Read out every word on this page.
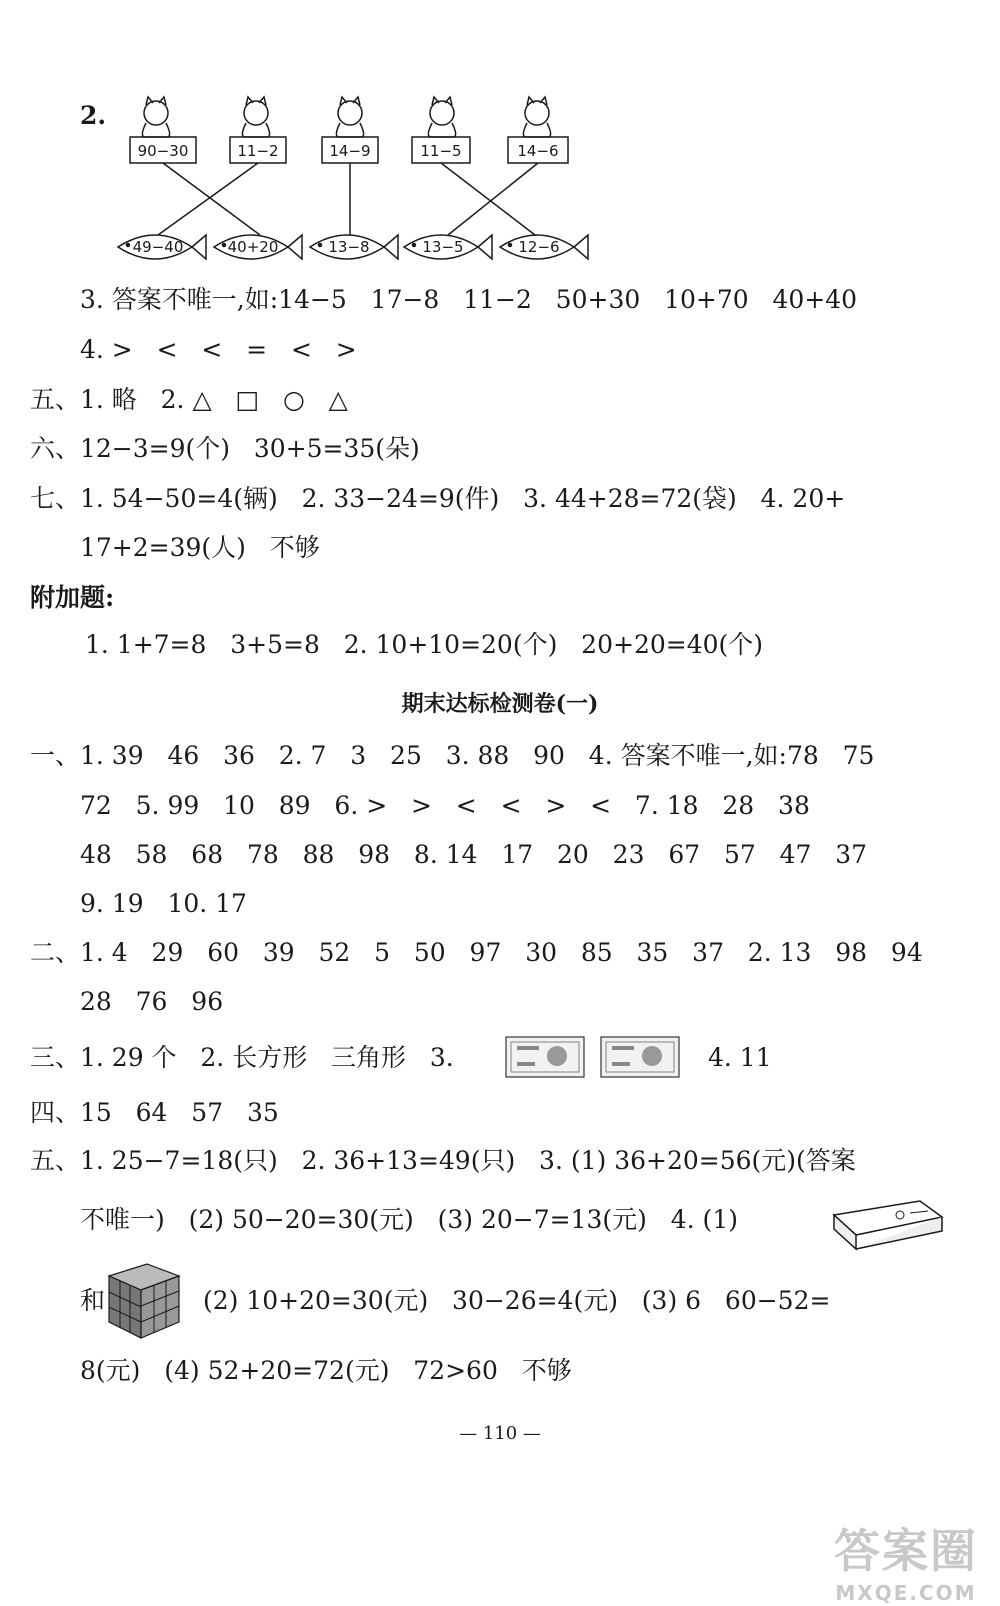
2.
90−30	11−2	14−9	11−5	14−6
49−40	40+20	13−8	13−5	12−6
3. 答案不唯一,如:14−5   17−8   11−2   50+30   10+70   40+40
4. >   <   <   =   <   >
五、1. 略   2. △   □   ○   △
六、12−3=9(个)   30+5=35(朵)
七、1. 54−50=4(辆)   2. 33−24=9(件)   3. 44+28=72(袋)   4. 20+
17+2=39(人)   不够
附加题:
1. 1+7=8   3+5=8   2. 10+10=20(个)   20+20=40(个)
期末达标检测卷(一)
一、1. 39   46   36   2. 7   3   25   3. 88   90   4. 答案不唯一,如:78   75
72   5. 99   10   89   6. >   >   <   <   >   <   7. 18   28   38
48   58   68   78   88   98   8. 14   17   20   23   67   57   47   37
9. 19   10. 17
二、1. 4   29   60   39   52   5   50   97   30   85   35   37   2. 13   98   94
28   76   96
三、1. 29 个   2. 长方形   三角形   3.	4. 11
四、15   64   57   35
五、1. 25−7=18(只)   2. 36+13=49(只)   3. (1) 36+20=56(元)(答案
不唯一)   (2) 50−20=30(元)   (3) 20−7=13(元)   4. (1)
和	(2) 10+20=30(元)   30−26=4(元)   (3) 6   60−52=
8(元)   (4) 52+20=72(元)   72>60   不够
— 110 —
答案圈
MXQE.COM
